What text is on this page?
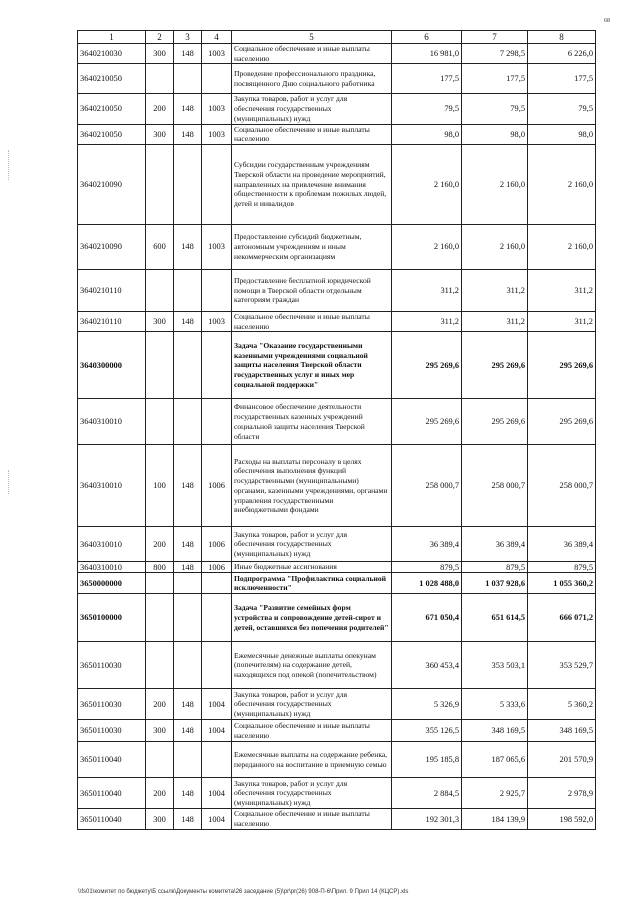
68
1	2	3	4	5	6	7	8
3640210030	300	148	1003	Социальное обеспечение и иные выплаты населению	16 981,0	7 298,5	6 226,0
3640210050				Проведение профессионального праздника, посвященного Дню социального работника	177,5	177,5	177,5
3640210050	200	148	1003	Закупка товаров, работ и услуг для обеспечения государственных (муниципальных) нужд	79,5	79,5	79,5
3640210050	300	148	1003	Социальное обеспечение и иные выплаты населению	98,0	98,0	98,0
3640210090				Субсидии государственным учреждениям Тверской области на проведение мероприятий, направленных на привлечение внимания общественности к проблемам пожилых людей, детей и инвалидов	2 160,0	2 160,0	2 160,0
3640210090	600	148	1003	Предоставление субсидий бюджетным, автономным учреждениям и иным некоммерческим организациям	2 160,0	2 160,0	2 160,0
3640210110				Предоставление бесплатной юридической помощи в Тверской области отдельным категориям граждан	311,2	311,2	311,2
3640210110	300	148	1003	Социальное обеспечение и иные выплаты населению	311,2	311,2	311,2
3640300000				Задача "Оказание государственными казенными учреждениями социальной защиты населения Тверской области государственных услуг и иных мер социальной поддержки"	295 269,6	295 269,6	295 269,6
3640310010				Финансовое обеспечение деятельности государственных казенных учреждений социальной защиты населения Тверской области	295 269,6	295 269,6	295 269,6
3640310010	100	148	1006	Расходы на выплаты персоналу в целях обеспечения выполнения функций государственными (муниципальными) органами, казенными учреждениями, органами управления государственными внебюджетными фондами	258 000,7	258 000,7	258 000,7
3640310010	200	148	1006	Закупка товаров, работ и услуг для обеспечения государственных (муниципальных) нужд	36 389,4	36 389,4	36 389,4
3640310010	800	148	1006	Иные бюджетные ассигнования	879,5	879,5	879,5
3650000000				Подпрограмма "Профилактика социальной исключенности"	1 028 488,0	1 037 928,6	1 055 360,2
3650100000				Задача "Развитие семейных форм устройства и сопровождение детей-сирот и детей, оставшихся без попечения родителей"	671 050,4	651 614,5	666 071,2
3650110030				Ежемесячные денежные выплаты опекунам (попечителям) на содержание детей, находящихся под опекой (попечительством)	360 453,4	353 503,1	353 529,7
3650110030	200	148	1004	Закупка товаров, работ и услуг для обеспечения государственных (муниципальных) нужд	5 326,9	5 333,6	5 360,2
3650110030	300	148	1004	Социальное обеспечение и иные выплаты населению	355 126,5	348 169,5	348 169,5
3650110040				Ежемесячные выплаты на содержание ребенка, переданного на воспитание в приемную семью	195 185,8	187 065,6	201 570,9
3650110040	200	148	1004	Закупка товаров, работ и услуг для обеспечения государственных (муниципальных) нужд	2 884,5	2 925,7	2 978,9
3650110040	300	148	1004	Социальное обеспечение и иные выплаты населению	192 301,3	184 139,9	198 592,0
\\fs01\комитет по бюджету\Б ссылк\Документы комитета\26 заседание (5)\pr\pr(26) 908-П-6\Прил. 9 Прил 14 (КЦСР).xls
